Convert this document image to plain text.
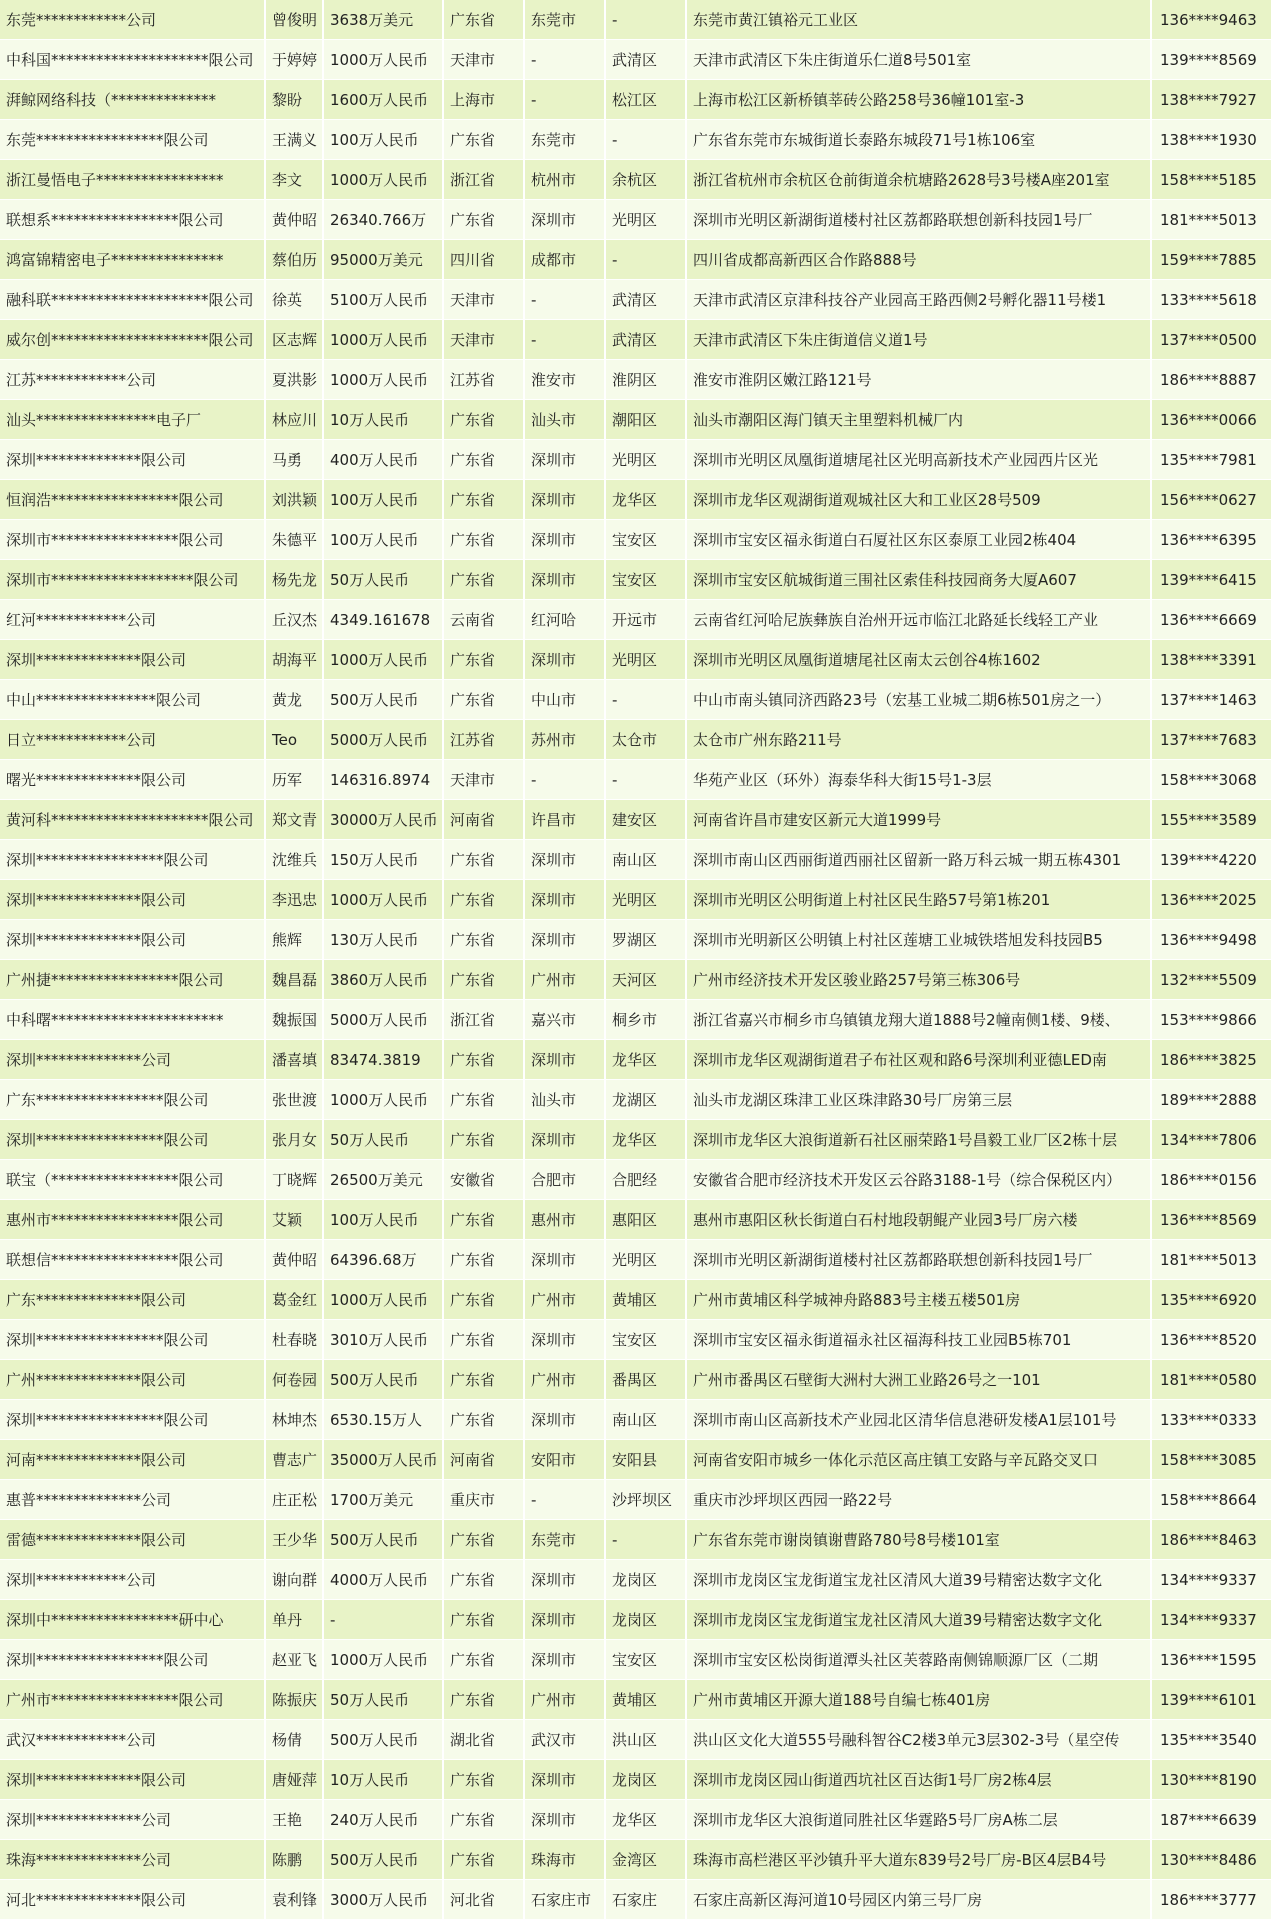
东莞************公司	曾俊明	3638万美元	广东省	东莞市	-	东莞市黄江镇裕元工业区	136****9463
中科国*********************限公司	于婷婷	1000万人民币	天津市	-	武清区	天津市武清区下朱庄街道乐仁道8号501室	139****8569
湃鲸网络科技（**************	黎盼	1600万人民币	上海市	-	松江区	上海市松江区新桥镇莘砖公路258号36幢101室-3	138****7927
东莞*****************限公司	王满义	100万人民币	广东省	东莞市	-	广东省东莞市东城街道长泰路东城段71号1栋106室	138****1930
浙江曼悟电子*****************	李文	1000万人民币	浙江省	杭州市	余杭区	浙江省杭州市余杭区仓前街道余杭塘路2628号3号楼A座201室	158****5185
联想系*****************限公司	黄仲昭	26340.766万	广东省	深圳市	光明区	深圳市光明区新湖街道楼村社区荔都路联想创新科技园1号厂	181****5013
鸿富锦精密电子***************	蔡伯历	95000万美元	四川省	成都市	-	四川省成都高新西区合作路888号	159****7885
融科联*********************限公司	徐英	5100万人民币	天津市	-	武清区	天津市武清区京津科技谷产业园高王路西侧2号孵化器11号楼1	133****5618
威尔创*********************限公司	区志辉	1000万人民币	天津市	-	武清区	天津市武清区下朱庄街道信义道1号	137****0500
江苏************公司	夏洪影	1000万人民币	江苏省	淮安市	淮阴区	淮安市淮阴区嫩江路121号	186****8887
汕头****************电子厂	林应川	10万人民币	广东省	汕头市	潮阳区	汕头市潮阳区海门镇天主里塑料机械厂内	136****0066
深圳**************限公司	马勇	400万人民币	广东省	深圳市	光明区	深圳市光明区凤凰街道塘尾社区光明高新技术产业园西片区光	135****7981
恒润浩*****************限公司	刘洪颖	100万人民币	广东省	深圳市	龙华区	深圳市龙华区观湖街道观城社区大和工业区28号509	156****0627
深圳市*****************限公司	朱德平	100万人民币	广东省	深圳市	宝安区	深圳市宝安区福永街道白石厦社区东区泰原工业园2栋404	136****6395
深圳市*******************限公司	杨先龙	50万人民币	广东省	深圳市	宝安区	深圳市宝安区航城街道三围社区索佳科技园商务大厦A607	139****6415
红河************公司	丘汉杰	4349.161678	云南省	红河哈	开远市	云南省红河哈尼族彝族自治州开远市临江北路延长线轻工产业	136****6669
深圳**************限公司	胡海平	1000万人民币	广东省	深圳市	光明区	深圳市光明区凤凰街道塘尾社区南太云创谷4栋1602	138****3391
中山****************限公司	黄龙	500万人民币	广东省	中山市	-	中山市南头镇同济西路23号（宏基工业城二期6栋501房之一）	137****1463
日立************公司	Teo	5000万人民币	江苏省	苏州市	太仓市	太仓市广州东路211号	137****7683
曙光**************限公司	历军	146316.8974	天津市	-	-	华苑产业区（环外）海泰华科大街15号1-3层	158****3068
黄河科*********************限公司	郑文青	30000万人民币	河南省	许昌市	建安区	河南省许昌市建安区新元大道1999号	155****3589
深圳*****************限公司	沈维兵	150万人民币	广东省	深圳市	南山区	深圳市南山区西丽街道西丽社区留新一路万科云城一期五栋4301	139****4220
深圳**************限公司	李迅忠	1000万人民币	广东省	深圳市	光明区	深圳市光明区公明街道上村社区民生路57号第1栋201	136****2025
深圳**************限公司	熊辉	130万人民币	广东省	深圳市	罗湖区	深圳市光明新区公明镇上村社区莲塘工业城铁塔旭发科技园B5	136****9498
广州捷*****************限公司	魏昌磊	3860万人民币	广东省	广州市	天河区	广州市经济技术开发区骏业路257号第三栋306号	132****5509
中科曙***********************	魏振国	5000万人民币	浙江省	嘉兴市	桐乡市	浙江省嘉兴市桐乡市乌镇镇龙翔大道1888号2幢南侧1楼、9楼、	153****9866
深圳**************公司	潘喜填	83474.3819	广东省	深圳市	龙华区	深圳市龙华区观湖街道君子布社区观和路6号深圳利亚德LED南	186****3825
广东*****************限公司	张世渡	1000万人民币	广东省	汕头市	龙湖区	汕头市龙湖区珠津工业区珠津路30号厂房第三层	189****2888
深圳*****************限公司	张月女	50万人民币	广东省	深圳市	龙华区	深圳市龙华区大浪街道新石社区丽荣路1号昌毅工业厂区2栋十层	134****7806
联宝（*****************限公司	丁晓辉	26500万美元	安徽省	合肥市	合肥经	安徽省合肥市经济技术开发区云谷路3188-1号（综合保税区内）	186****0156
惠州市*****************限公司	艾颖	100万人民币	广东省	惠州市	惠阳区	惠州市惠阳区秋长街道白石村地段朝鲲产业园3号厂房六楼	136****8569
联想信*****************限公司	黄仲昭	64396.68万	广东省	深圳市	光明区	深圳市光明区新湖街道楼村社区荔都路联想创新科技园1号厂	181****5013
广东**************限公司	葛金红	1000万人民币	广东省	广州市	黄埔区	广州市黄埔区科学城神舟路883号主楼五楼501房	135****6920
深圳*****************限公司	杜春晓	3010万人民币	广东省	深圳市	宝安区	深圳市宝安区福永街道福永社区福海科技工业园B5栋701	136****8520
广州**************限公司	何卷园	500万人民币	广东省	广州市	番禺区	广州市番禺区石壁街大洲村大洲工业路26号之一101	181****0580
深圳*****************限公司	林坤杰	6530.15万人	广东省	深圳市	南山区	深圳市南山区高新技术产业园北区清华信息港研发楼A1层101号	133****0333
河南**************限公司	曹志广	35000万人民币	河南省	安阳市	安阳县	河南省安阳市城乡一体化示范区高庄镇工安路与辛瓦路交叉口	158****3085
惠普**************公司	庄正松	1700万美元	重庆市	-	沙坪坝区	重庆市沙坪坝区西园一路22号	158****8664
雷德**************限公司	王少华	500万人民币	广东省	东莞市	-	广东省东莞市谢岗镇谢曹路780号8号楼101室	186****8463
深圳************公司	谢向群	4000万人民币	广东省	深圳市	龙岗区	深圳市龙岗区宝龙街道宝龙社区清风大道39号精密达数字文化	134****9337
深圳中*****************研中心	单丹	-	广东省	深圳市	龙岗区	深圳市龙岗区宝龙街道宝龙社区清风大道39号精密达数字文化	134****9337
深圳*****************限公司	赵亚飞	1000万人民币	广东省	深圳市	宝安区	深圳市宝安区松岗街道潭头社区芙蓉路南侧锦顺源厂区（二期	136****1595
广州市*****************限公司	陈振庆	50万人民币	广东省	广州市	黄埔区	广州市黄埔区开源大道188号自编七栋401房	139****6101
武汉************公司	杨倩	500万人民币	湖北省	武汉市	洪山区	洪山区文化大道555号融科智谷C2楼3单元3层302-3号（星空传	135****3540
深圳**************限公司	唐娅萍	10万人民币	广东省	深圳市	龙岗区	深圳市龙岗区园山街道西坑社区百达街1号厂房2栋4层	130****8190
深圳**************公司	王艳	240万人民币	广东省	深圳市	龙华区	深圳市龙华区大浪街道同胜社区华霆路5号厂房A栋二层	187****6639
珠海**************公司	陈鹏	500万人民币	广东省	珠海市	金湾区	珠海市高栏港区平沙镇升平大道东839号2号厂房-B区4层B4号	130****8486
河北**************限公司	袁利锋	3000万人民币	河北省	石家庄市	石家庄	石家庄高新区海河道10号园区内第三号厂房	186****3777
